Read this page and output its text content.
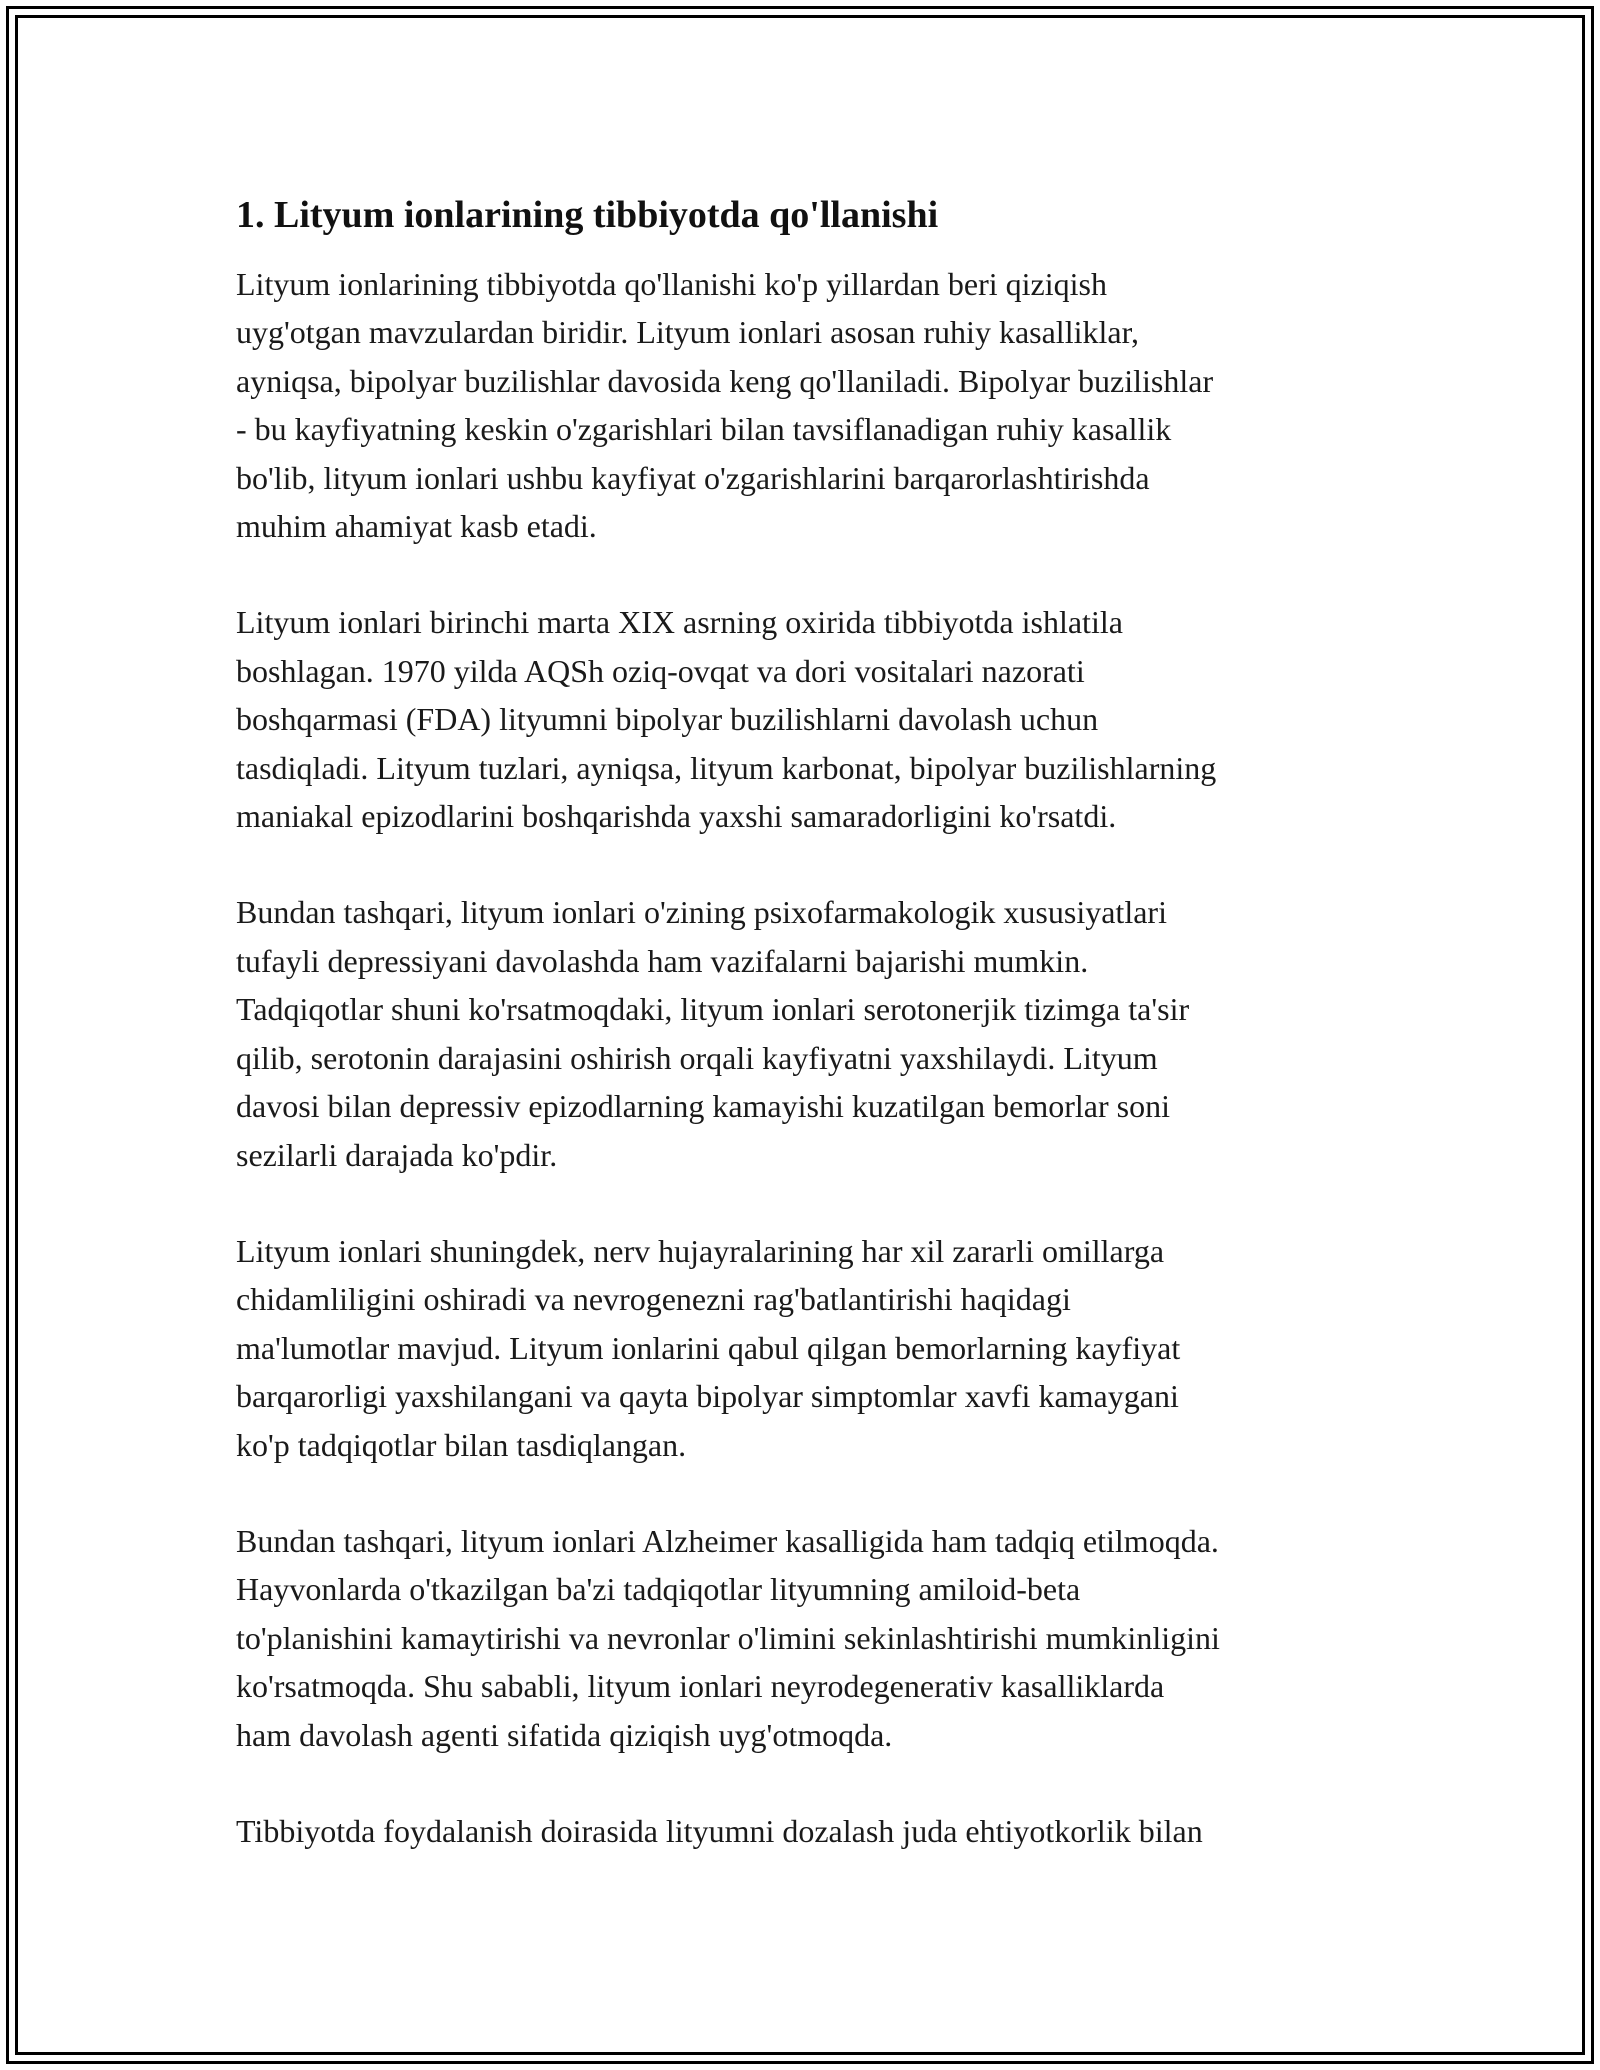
1. Lityum ionlarining tibbiyotda qo'llanishi

Lityum ionlarining tibbiyotda qo'llanishi ko'p yillardan beri qiziqish
uyg'otgan mavzulardan biridir. Lityum ionlari asosan ruhiy kasalliklar,
ayniqsa, bipolyar buzilishlar davosida keng qo'llaniladi. Bipolyar buzilishlar
- bu kayfiyatning keskin o'zgarishlari bilan tavsiflanadigan ruhiy kasallik
bo'lib, lityum ionlari ushbu kayfiyat o'zgarishlarini barqarorlashtirishda
muhim ahamiyat kasb etadi.

Lityum ionlari birinchi marta XIX asrning oxirida tibbiyotda ishlatila
boshlagan. 1970 yilda AQSh oziq-ovqat va dori vositalari nazorati
boshqarmasi (FDA) lityumni bipolyar buzilishlarni davolash uchun
tasdiqladi. Lityum tuzlari, ayniqsa, lityum karbonat, bipolyar buzilishlarning
maniakal epizodlarini boshqarishda yaxshi samaradorligini ko'rsatdi.

Bundan tashqari, lityum ionlari o'zining psixofarmakologik xususiyatlari
tufayli depressiyani davolashda ham vazifalarni bajarishi mumkin.
Tadqiqotlar shuni ko'rsatmoqdaki, lityum ionlari serotonerjik tizimga ta'sir
qilib, serotonin darajasini oshirish orqali kayfiyatni yaxshilaydi. Lityum
davosi bilan depressiv epizodlarning kamayishi kuzatilgan bemorlar soni
sezilarli darajada ko'pdir.

Lityum ionlari shuningdek, nerv hujayralarining har xil zararli omillarga
chidamliligini oshiradi va nevrogenezni rag'batlantirishi haqidagi
ma'lumotlar mavjud. Lityum ionlarini qabul qilgan bemorlarning kayfiyat
barqarorligi yaxshilangani va qayta bipolyar simptomlar xavfi kamaygani
ko'p tadqiqotlar bilan tasdiqlangan.

Bundan tashqari, lityum ionlari Alzheimer kasalligida ham tadqiq etilmoqda.
Hayvonlarda o'tkazilgan ba'zi tadqiqotlar lityumning amiloid-beta
to'planishini kamaytirishi va nevronlar o'limini sekinlashtirishi mumkinligini
ko'rsatmoqda. Shu sababli, lityum ionlari neyrodegenerativ kasalliklarda
ham davolash agenti sifatida qiziqish uyg'otmoqda.

Tibbiyotda foydalanish doirasida lityumni dozalash juda ehtiyotkorlik bilan
